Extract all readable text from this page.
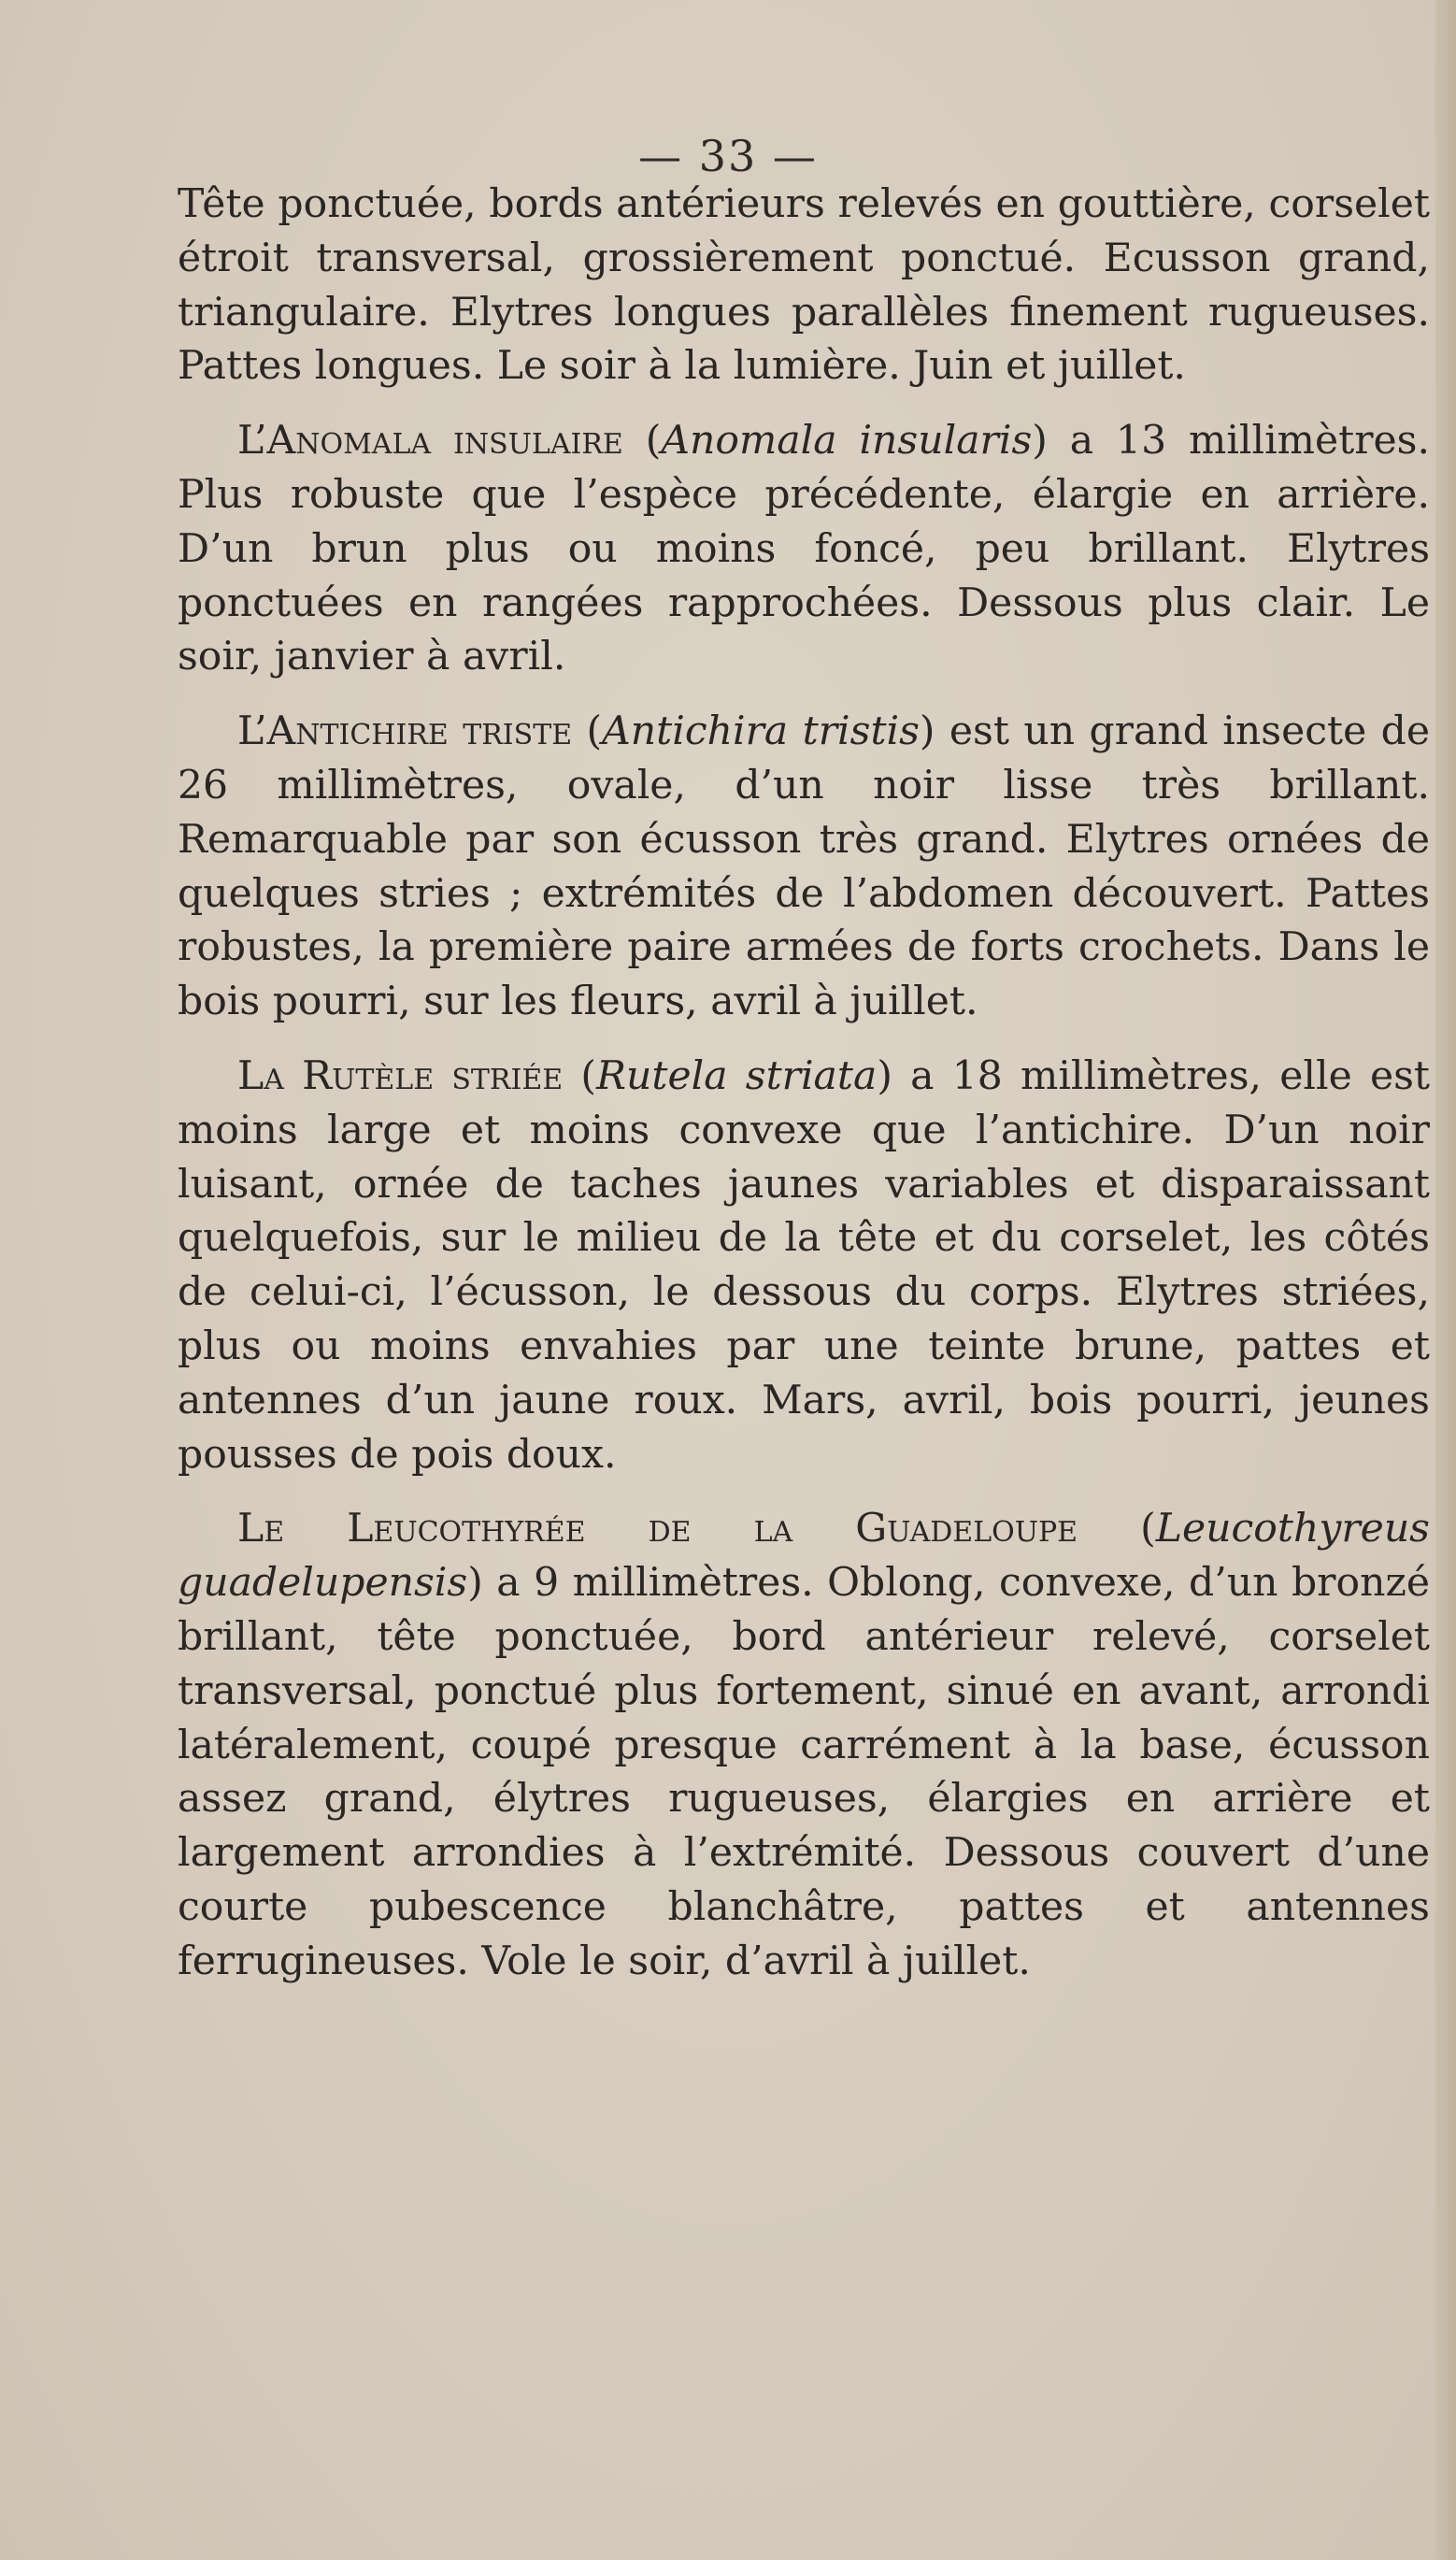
— 33 —

Tête ponctuée, bords antérieurs relevés en gouttière, corselet étroit transversal, grossièrement ponctué. Ecusson grand, triangulaire. Elytres longues parallèles finement rugueuses. Pattes longues. Le soir à la lumière. Juin et juillet.

L’Anomala insulaire (Anomala insularis) a 13 millimètres. Plus robuste que l’espèce précédente, élargie en arrière. D’un brun plus ou moins foncé, peu brillant. Elytres ponctuées en rangées rapprochées. Dessous plus clair. Le soir, janvier à avril.

L’Antichire triste (Antichira tristis) est un grand insecte de 26 millimètres, ovale, d’un noir lisse très brillant. Remarquable par son écusson très grand. Elytres ornées de quelques stries ; extrémités de l’abdomen découvert. Pattes robustes, la première paire armées de forts crochets. Dans le bois pourri, sur les fleurs, avril à juillet.

La Rutèle striée (Rutela striata) a 18 millimètres, elle est moins large et moins convexe que l’antichire. D’un noir luisant, ornée de taches jaunes variables et disparaissant quelquefois, sur le milieu de la tête et du corselet, les côtés de celui-ci, l’écusson, le dessous du corps. Elytres striées, plus ou moins envahies par une teinte brune, pattes et antennes d’un jaune roux. Mars, avril, bois pourri, jeunes pousses de pois doux.

Le Leucothyrée de la Guadeloupe (Leucothyreus guadelupensis) a 9 millimètres. Oblong, convexe, d’un bronzé brillant, tête ponctuée, bord antérieur relevé, corselet transversal, ponctué plus fortement, sinué en avant, arrondi latéralement, coupé presque carrément à la base, écusson assez grand, élytres rugueuses, élargies en arrière et largement arrondies à l’extrémité. Dessous couvert d’une courte pubescence blanchâtre, pattes et antennes ferrugineuses. Vole le soir, d’avril à juillet.
